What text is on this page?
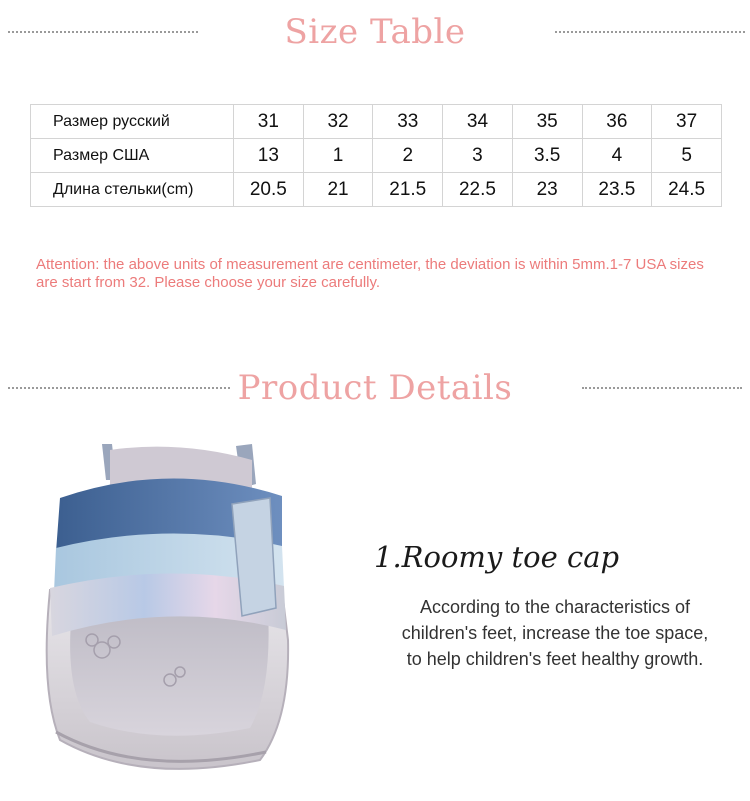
Size Table
Размер русский	31	32	33	34	35	36	37
Размер США	13	1	2	3	3.5	4	5
Длина стельки(cm)	20.5	21	21.5	22.5	23	23.5	24.5
Attention: the above units of measurement are centimeter, the deviation is within 5mm.1-7 USA sizes are start from 32. Please choose your size carefully.
Product Details
1.Roomy toe cap
According to the characteristics of
children's feet, increase the toe space,
to help children's feet healthy growth.
